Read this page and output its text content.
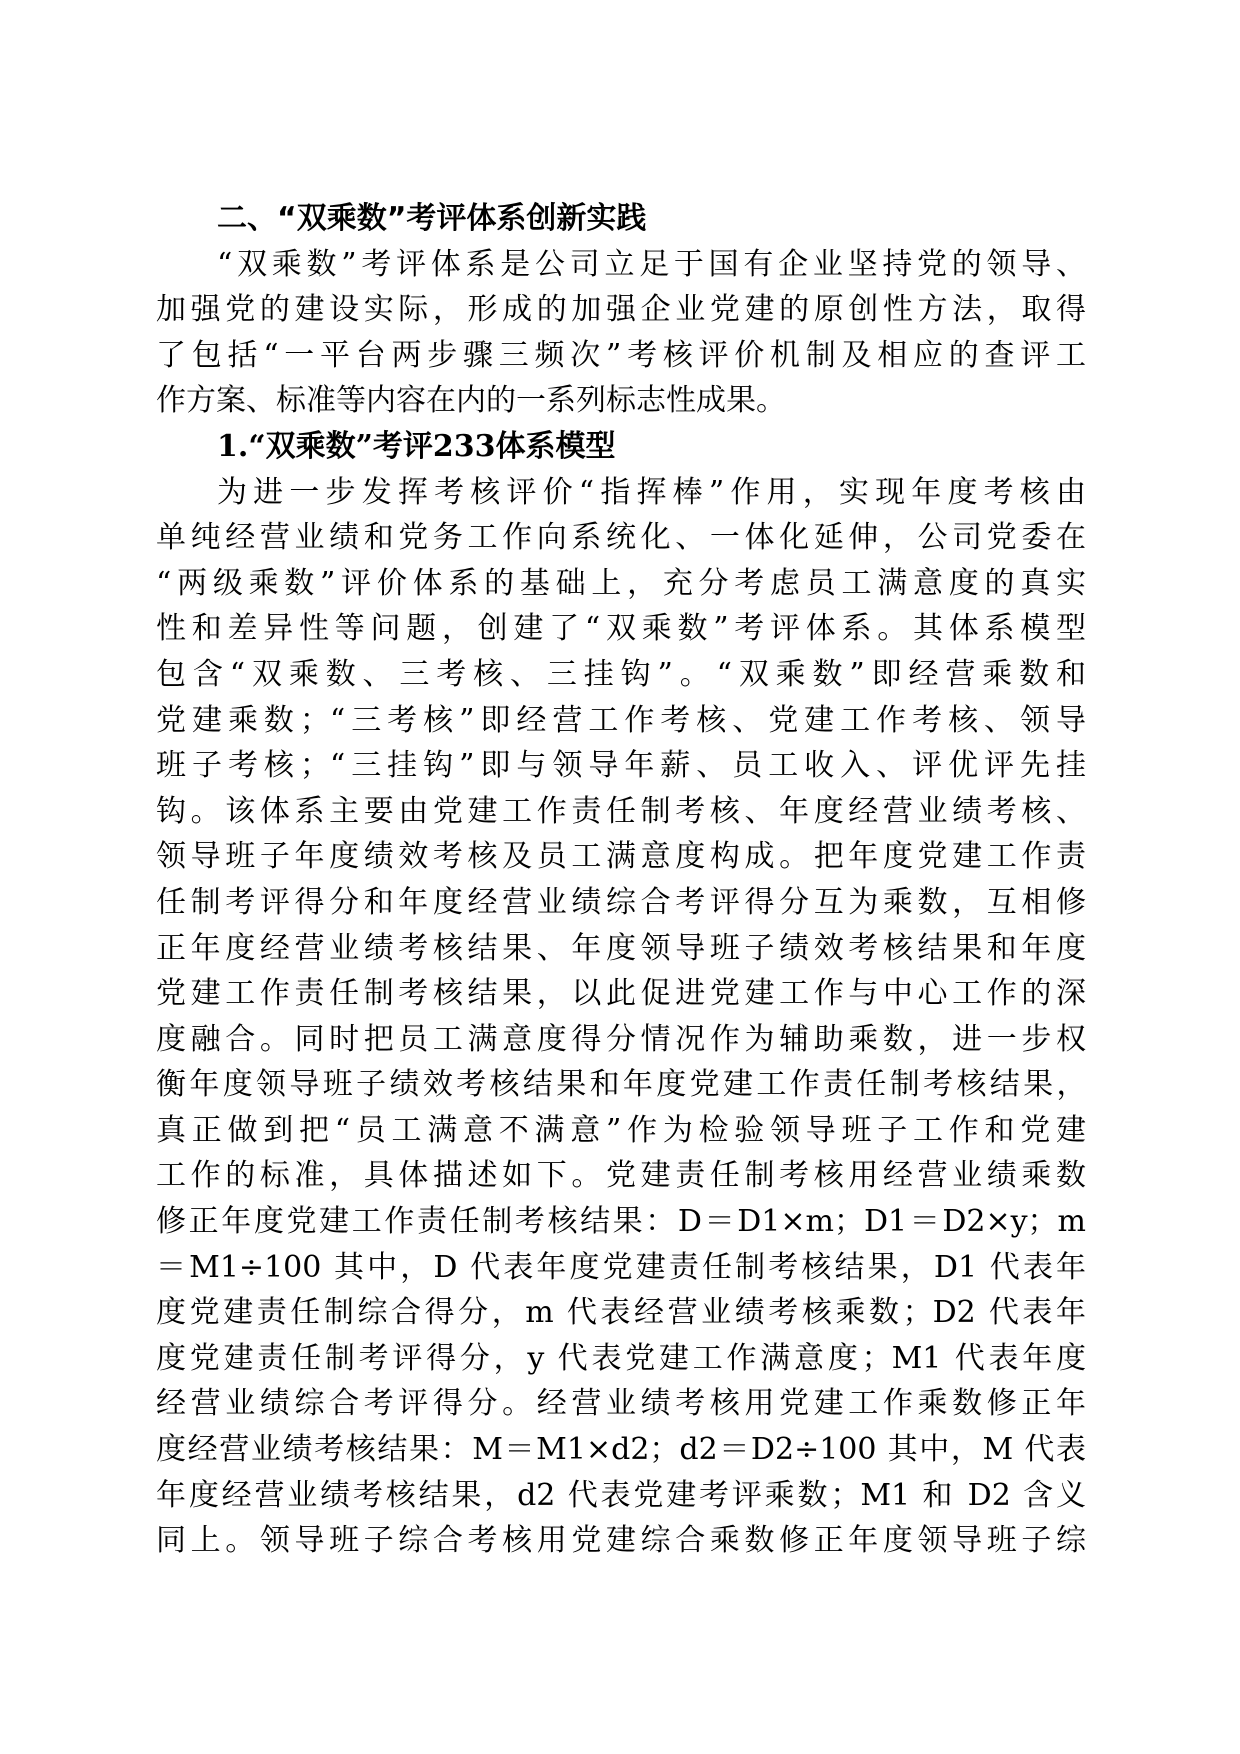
二、“双乘数”考评体系创新实践
“双乘数”考评体系是公司立足于国有企业坚持党的领导、
加强党的建设实际，形成的加强企业党建的原创性方法，取得
了包括“一平台两步骤三频次”考核评价机制及相应的查评工
作方案、标准等内容在内的一系列标志性成果。
1.“双乘数”考评233体系模型
为进一步发挥考核评价“指挥棒”作用，实现年度考核由
单纯经营业绩和党务工作向系统化、一体化延伸，公司党委在
“两级乘数”评价体系的基础上，充分考虑员工满意度的真实
性和差异性等问题，创建了“双乘数”考评体系。其体系模型
包含“双乘数、三考核、三挂钩”。“双乘数”即经营乘数和
党建乘数；“三考核”即经营工作考核、党建工作考核、领导
班子考核；“三挂钩”即与领导年薪、员工收入、评优评先挂
钩。该体系主要由党建工作责任制考核、年度经营业绩考核、
领导班子年度绩效考核及员工满意度构成。把年度党建工作责
任制考评得分和年度经营业绩综合考评得分互为乘数，互相修
正年度经营业绩考核结果、年度领导班子绩效考核结果和年度
党建工作责任制考核结果，以此促进党建工作与中心工作的深
度融合。同时把员工满意度得分情况作为辅助乘数，进一步权
衡年度领导班子绩效考核结果和年度党建工作责任制考核结果，
真正做到把“员工满意不满意”作为检验领导班子工作和党建
工作的标准，具体描述如下。党建责任制考核用经营业绩乘数
修正年度党建工作责任制考核结果：D＝D1×m；D1＝D2×y；m
＝M1÷100 其中，D 代表年度党建责任制考核结果，D1 代表年
度党建责任制综合得分，m 代表经营业绩考核乘数；D2 代表年
度党建责任制考评得分，y 代表党建工作满意度；M1 代表年度
经营业绩综合考评得分。经营业绩考核用党建工作乘数修正年
度经营业绩考核结果：M＝M1×d2；d2＝D2÷100 其中，M 代表
年度经营业绩考核结果，d2 代表党建考评乘数；M1 和 D2 含义
同上。领导班子综合考核用党建综合乘数修正年度领导班子综
